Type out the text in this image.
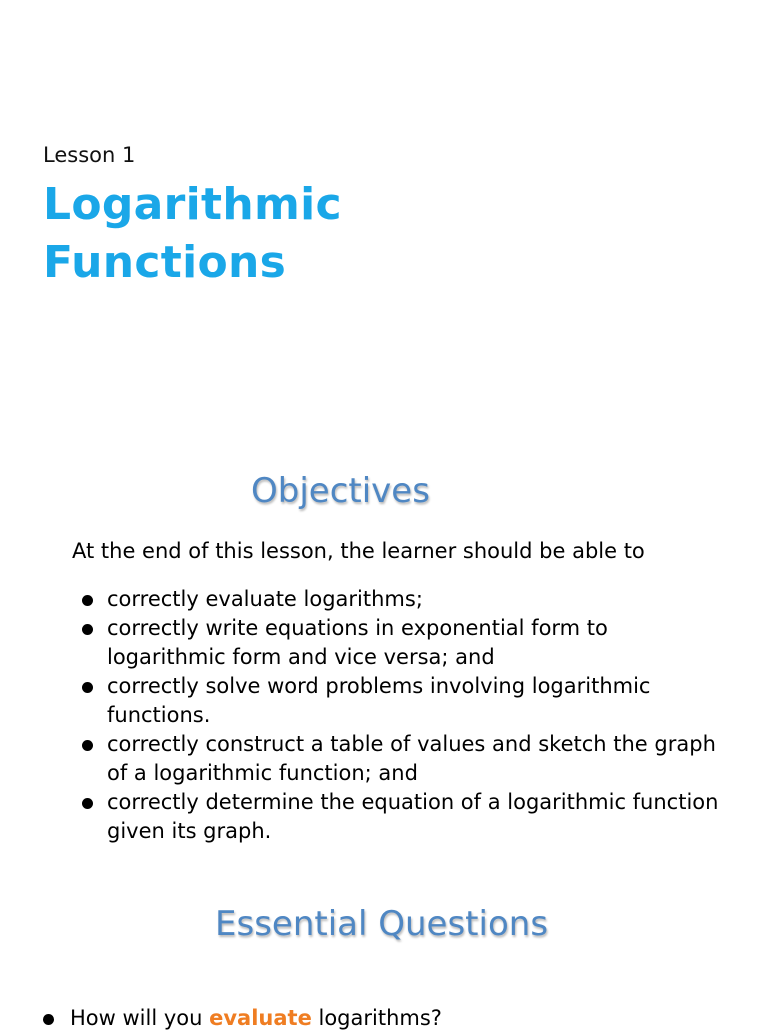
Lesson 1
Logarithmic
Functions
Objectives
At the end of this lesson, the learner should be able to
correctly evaluate logarithms;
correctly write equations in exponential form to logarithmic form and vice versa; and
correctly solve word problems involving logarithmic functions.
correctly construct a table of values and sketch the graph of a logarithmic function; and
correctly determine the equation of a logarithmic function given its graph.
Essential Questions
How will you evaluate logarithms?
